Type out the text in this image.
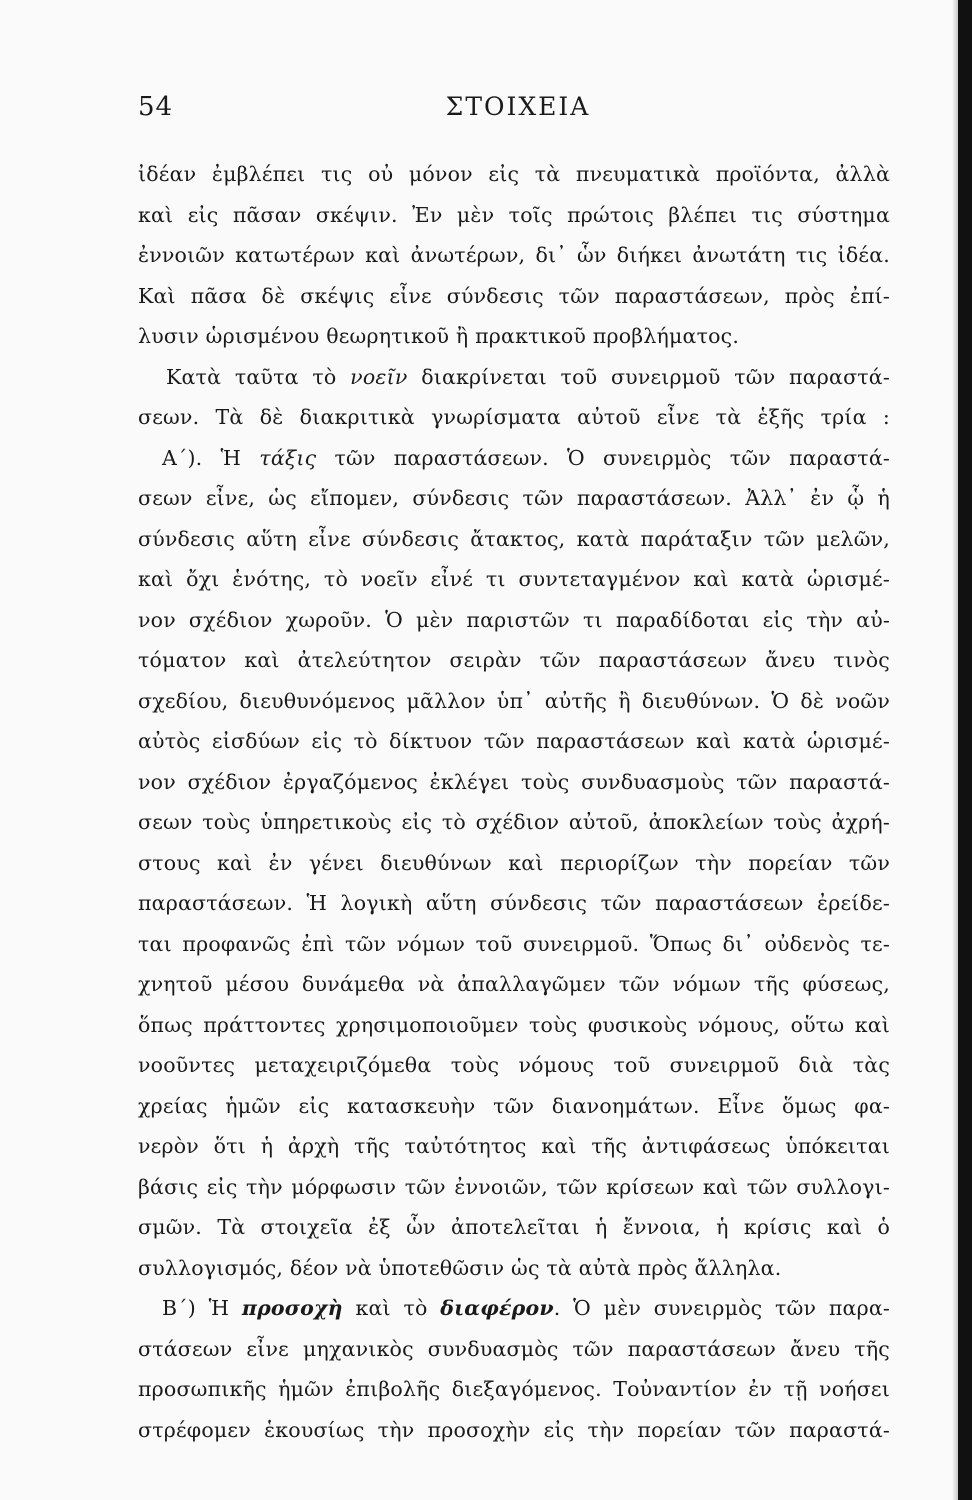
54	ΣΤΟΙΧΕΙΑ
ἰδέαν ἐμβλέπει τις οὐ μόνον εἰς τὰ πνευματικὰ προϊόντα, ἀλλὰ
καὶ εἰς πᾶσαν σκέψιν. Ἐν μὲν τοῖς πρώτοις βλέπει τις σύστημα
ἐννοιῶν κατωτέρων καὶ ἀνωτέρων, δι᾽ ὧν διήκει ἀνωτάτη τις ἰδέα.
Καὶ πᾶσα δὲ σκέψις εἶνε σύνδεσις τῶν παραστάσεων, πρὸς ἐπί-
λυσιν ὡρισμένου θεωρητικοῦ ἢ πρακτικοῦ προβλήματος.
Κατὰ ταῦτα τὸ νοεῖν διακρίνεται τοῦ συνειρμοῦ τῶν παραστά-
σεων. Τὰ δὲ διακριτικὰ γνωρίσματα αὐτοῦ εἶνε τὰ ἑξῆς τρία :
Α´). Ἡ τάξις τῶν παραστάσεων. Ὁ συνειρμὸς τῶν παραστά-
σεων εἶνε, ὡς εἴπομεν, σύνδεσις τῶν παραστάσεων. Ἀλλ᾽ ἐν ᾧ ἡ
σύνδεσις αὕτη εἶνε σύνδεσις ἄτακτος, κατὰ παράταξιν τῶν μελῶν,
καὶ ὄχι ἑνότης, τὸ νοεῖν εἶνέ τι συντεταγμένον καὶ κατὰ ὡρισμέ-
νον σχέδιον χωροῦν. Ὁ μὲν παριστῶν τι παραδίδοται εἰς τὴν αὐ-
τόματον καὶ ἀτελεύτητον σειρὰν τῶν παραστάσεων ἄνευ τινὸς
σχεδίου, διευθυνόμενος μᾶλλον ὑπ᾽ αὐτῆς ἢ διευθύνων. Ὁ δὲ νοῶν
αὐτὸς εἰσδύων εἰς τὸ δίκτυον τῶν παραστάσεων καὶ κατὰ ὡρισμέ-
νον σχέδιον ἐργαζόμενος ἐκλέγει τοὺς συνδυασμοὺς τῶν παραστά-
σεων τοὺς ὑπηρετικοὺς εἰς τὸ σχέδιον αὐτοῦ, ἀποκλείων τοὺς ἀχρή-
στους καὶ ἐν γένει διευθύνων καὶ περιορίζων τὴν πορείαν τῶν
παραστάσεων. Ἡ λογικὴ αὕτη σύνδεσις τῶν παραστάσεων ἐρείδε-
ται προφανῶς ἐπὶ τῶν νόμων τοῦ συνειρμοῦ. Ὅπως δι᾽ οὐδενὸς τε-
χνητοῦ μέσου δυνάμεθα νὰ ἀπαλλαγῶμεν τῶν νόμων τῆς φύσεως,
ὅπως πράττοντες χρησιμοποιοῦμεν τοὺς φυσικοὺς νόμους, οὕτω καὶ
νοοῦντες μεταχειριζόμεθα τοὺς νόμους τοῦ συνειρμοῦ διὰ τὰς
χρείας ἡμῶν εἰς κατασκευὴν τῶν διανοημάτων. Εἶνε ὅμως φα-
νερὸν ὅτι ἡ ἀρχὴ τῆς ταὐτότητος καὶ τῆς ἀντιφάσεως ὑπόκειται
βάσις εἰς τὴν μόρφωσιν τῶν ἐννοιῶν, τῶν κρίσεων καὶ τῶν συλλογι-
σμῶν. Τὰ στοιχεῖα ἐξ ὧν ἀποτελεῖται ἡ ἔννοια, ἡ κρίσις καὶ ὁ
συλλογισμός, δέον νὰ ὑποτεθῶσιν ὡς τὰ αὐτὰ πρὸς ἄλληλα.
Β´) Ἡ προσοχὴ καὶ τὸ διαφέρον. Ὁ μὲν συνειρμὸς τῶν παρα-
στάσεων εἶνε μηχανικὸς συνδυασμὸς τῶν παραστάσεων ἄνευ τῆς
προσωπικῆς ἡμῶν ἐπιβολῆς διεξαγόμενος. Τοὐναντίον ἐν τῇ νοήσει
στρέφομεν ἑκουσίως τὴν προσοχὴν εἰς τὴν πορείαν τῶν παραστά-
